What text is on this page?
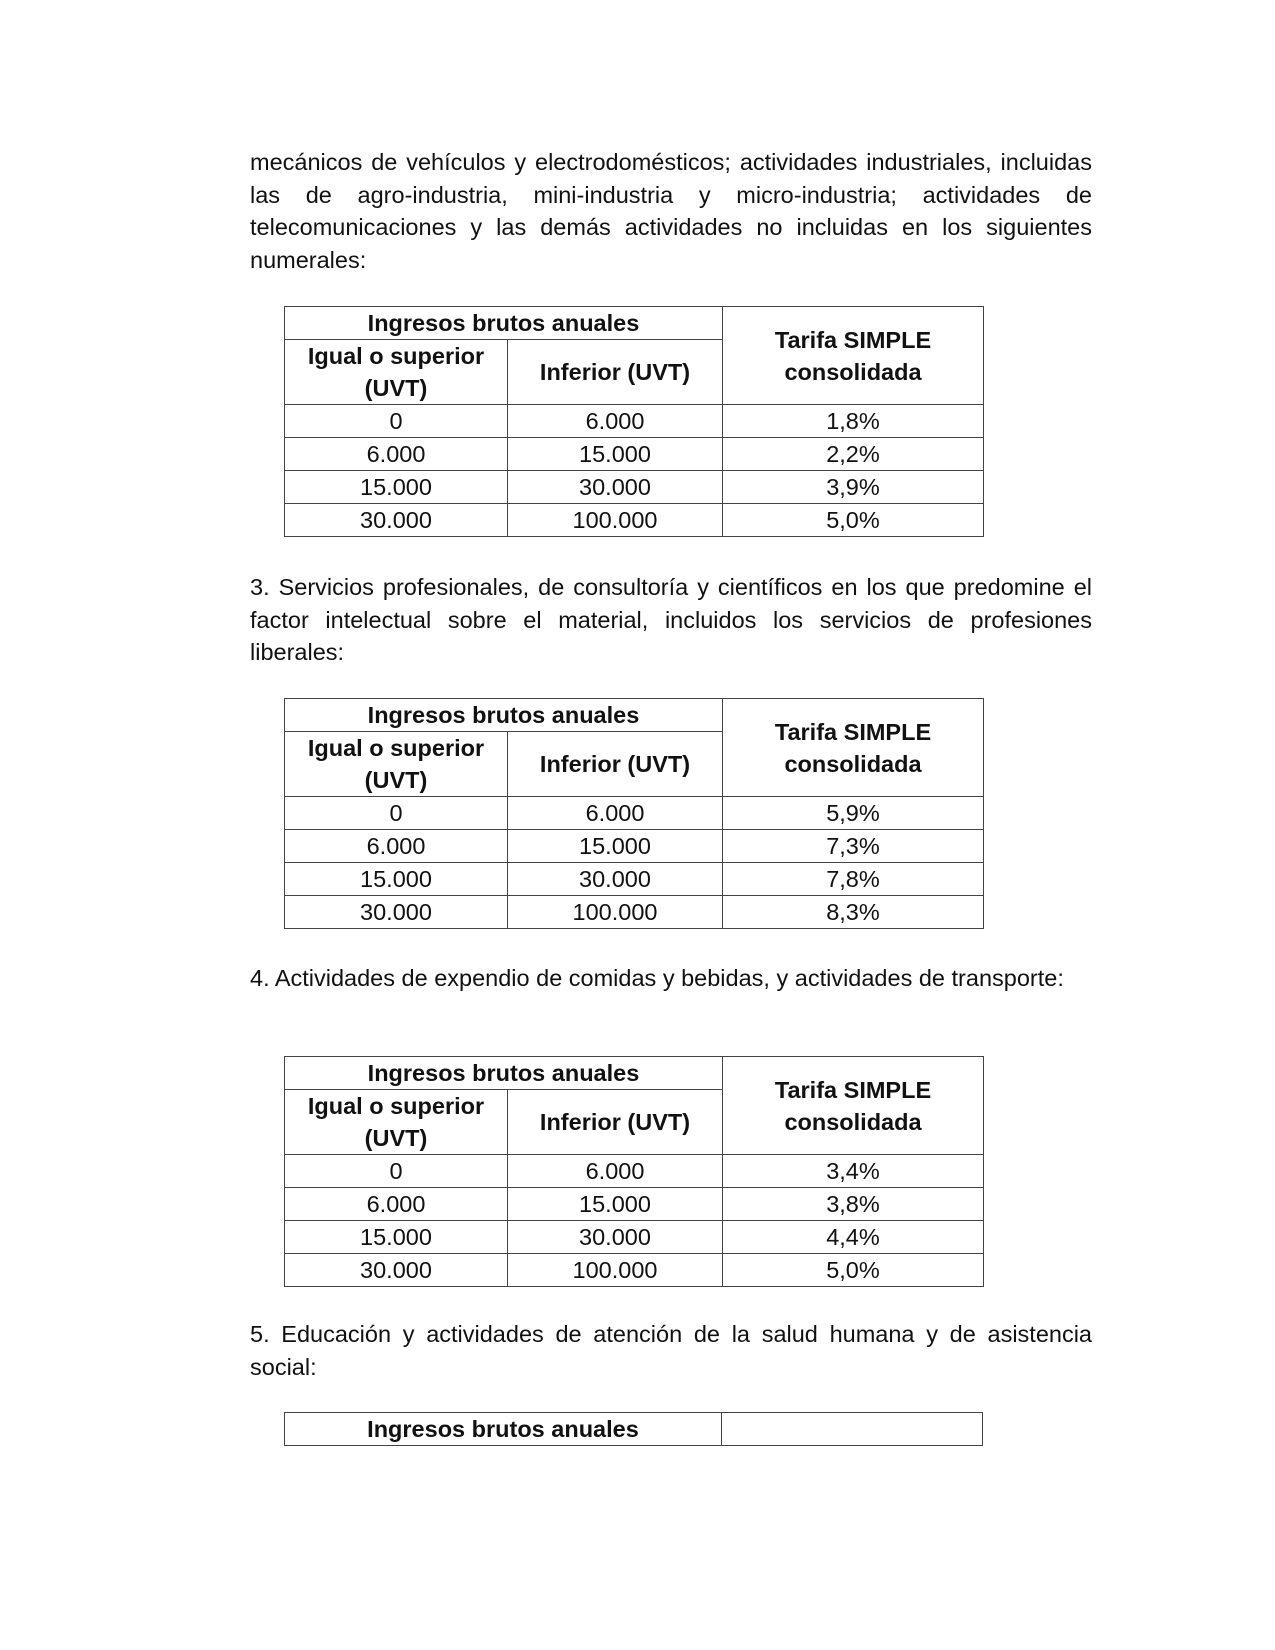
mecánicos de vehículos y electrodomésticos; actividades industriales, incluidas las de agro-industria, mini-industria y micro-industria; actividades de telecomunicaciones y las demás actividades no incluidas en los siguientes numerales:

Ingresos brutos anuales		Tarifa SIMPLE consolidada
Igual o superior (UVT)	Inferior (UVT)	
0	6.000	1,8%
6.000	15.000	2,2%
15.000	30.000	3,9%
30.000	100.000	5,0%

3. Servicios profesionales, de consultoría y científicos en los que predomine el factor intelectual sobre el material, incluidos los servicios de profesiones liberales:

Ingresos brutos anuales		Tarifa SIMPLE consolidada
Igual o superior (UVT)	Inferior (UVT)	
0	6.000	5,9%
6.000	15.000	7,3%
15.000	30.000	7,8%
30.000	100.000	8,3%

4. Actividades de expendio de comidas y bebidas, y actividades de transporte:

Ingresos brutos anuales		Tarifa SIMPLE consolidada
Igual o superior (UVT)	Inferior (UVT)	
0	6.000	3,4%
6.000	15.000	3,8%
15.000	30.000	4,4%
30.000	100.000	5,0%

5. Educación y actividades de atención de la salud humana y de asistencia social:

Ingresos brutos anuales	
